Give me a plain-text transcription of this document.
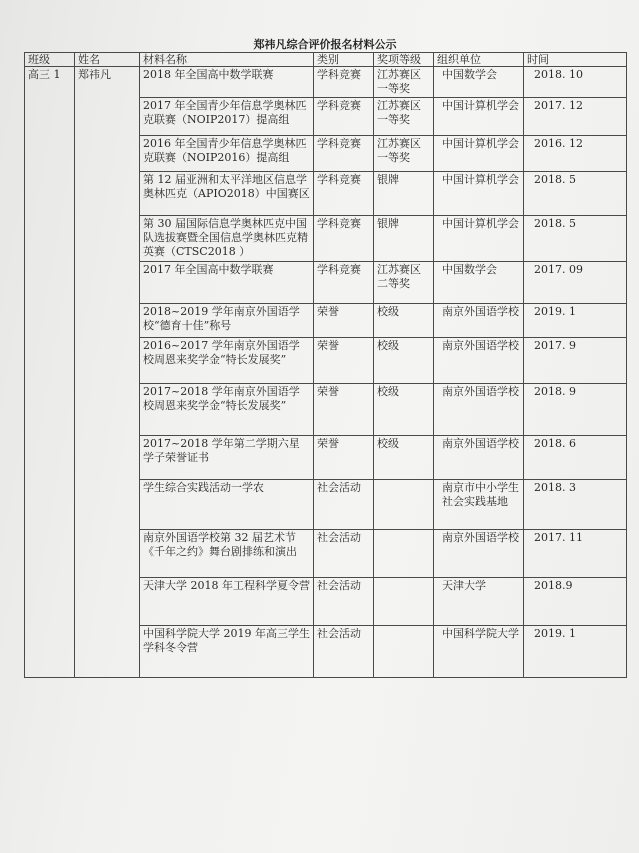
郑祎凡综合评价报名材料公示
班级	姓名	材料名称	类别	奖项等级	组织单位	时间
高三 1	郑祎凡	2018 年全国高中数学联赛	学科竞赛	江苏赛区一等奖	中国数学会	2018. 10
		2017 年全国青少年信息学奥林匹克联赛（NOIP2017）提高组	学科竞赛	江苏赛区一等奖	中国计算机学会	2017. 12
		2016 年全国青少年信息学奥林匹克联赛（NOIP2016）提高组	学科竞赛	江苏赛区一等奖	中国计算机学会	2016. 12
		第 12 届亚洲和太平洋地区信息学奥林匹克（APIO2018）中国赛区	学科竞赛	银牌	中国计算机学会	2018. 5
		第 30 届国际信息学奥林匹克中国队选拔赛暨全国信息学奥林匹克精英赛（CTSC2018 ）	学科竞赛	银牌	中国计算机学会	2018. 5
		2017 年全国高中数学联赛	学科竞赛	江苏赛区二等奖	中国数学会	2017. 09
		2018~2019 学年南京外国语学校“德育十佳”称号	荣誉	校级	南京外国语学校	2019. 1
		2016~2017 学年南京外国语学校周恩来奖学金“特长发展奖”	荣誉	校级	南京外国语学校	2017. 9
		2017~2018 学年南京外国语学校周恩来奖学金“特长发展奖”	荣誉	校级	南京外国语学校	2018. 9
		2017~2018 学年第二学期六星学子荣誉证书	荣誉	校级	南京外国语学校	2018. 6
		学生综合实践活动一学农	社会活动		南京市中小学生社会实践基地	2018. 3
		南京外国语学校第 32 届艺术节《千年之约》舞台剧排练和演出	社会活动		南京外国语学校	2017. 11
		天津大学 2018 年工程科学夏令营	社会活动		天津大学	2018.9
		中国科学院大学 2019 年高三学生学科冬令营	社会活动		中国科学院大学	2019. 1
